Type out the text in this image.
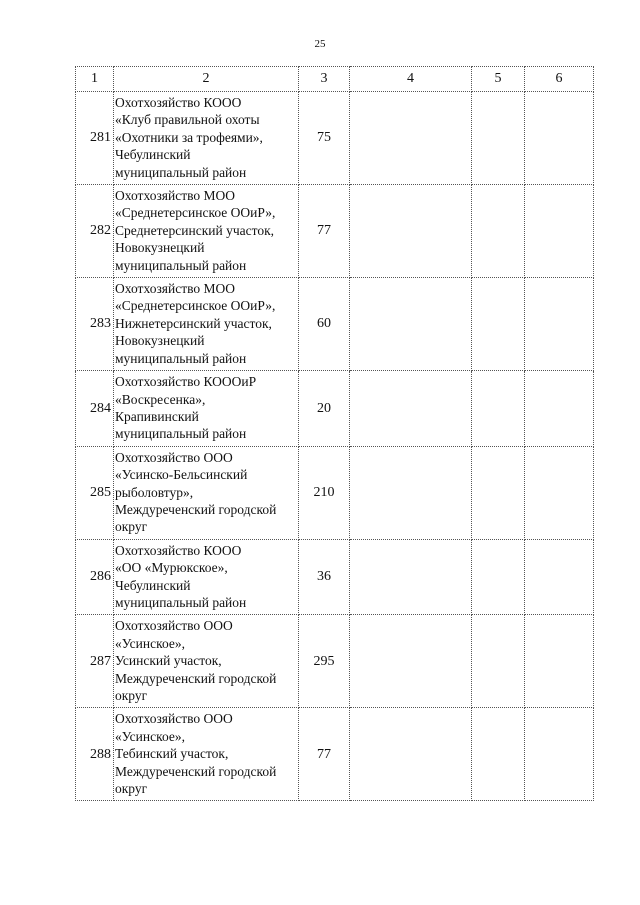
25
1	2	3	4	5	6
281	Охотхозяйство КООО
«Клуб правильной охоты
«Охотники за трофеями»,
Чебулинский
муниципальный район	75			
282	Охотхозяйство МОО
«Среднетерсинское ООиР»,
Среднетерсинский участок,
Новокузнецкий
муниципальный район	77			
283	Охотхозяйство МОО
«Среднетерсинское ООиР»,
Нижнетерсинский участок,
Новокузнецкий
муниципальный район	60			
284	Охотхозяйство КОООиР
«Воскресенка»,
Крапивинский
муниципальный район	20			
285	Охотхозяйство ООО
«Усинско-Бельсинский
рыболовтур»,
Междуреченский городской
округ	210			
286	Охотхозяйство КООО
«ОО «Мурюкское»,
Чебулинский
муниципальный район	36			
287	Охотхозяйство ООО
«Усинское»,
Усинский участок,
Междуреченский городской
округ	295			
288	Охотхозяйство ООО
«Усинское»,
Тебинский участок,
Междуреченский городской
округ	77			
